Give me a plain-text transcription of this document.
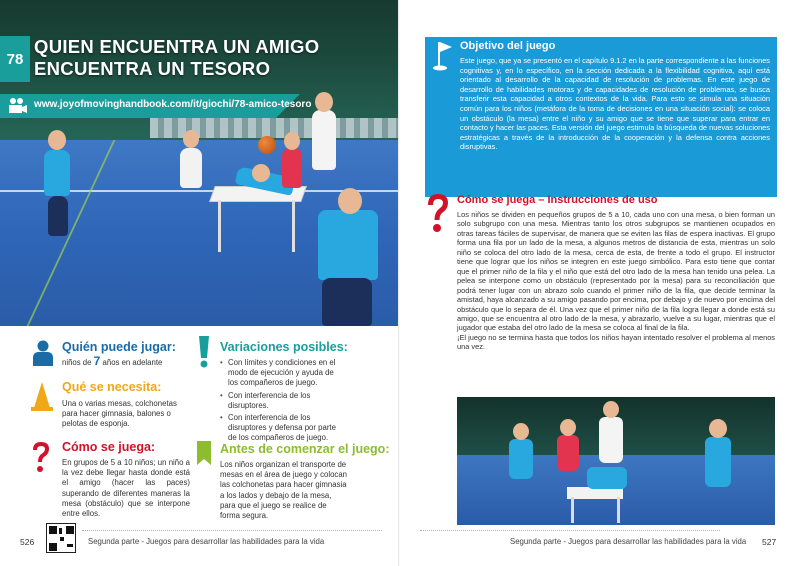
78
QUIEN ENCUENTRA UN AMIGO
ENCUENTRA UN TESORO
www.joyofmovinghandbook.com/it/giochi/78-amico-tesoro
Quién puede jugar:
niños de 7 años en adelante
Qué se necesita:
Una o varias mesas, colchonetas para hacer gimnasia, balones o pelotas de esponja.
Cómo se juega:
En grupos de 5 a 10 niños; un niño a la vez debe llegar hasta donde está el amigo (hacer las paces) superando de diferentes maneras la mesa (obstáculo) que se interpone entre ellos.
Variaciones posibles:
• Con límites y condiciones en el modo de ejecución y ayuda de los compañeros de juego.
• Con interferencia de los disruptores.
• Con interferencia de los disruptores y defensa por parte de los compañeros de juego.
Antes de comenzar el juego:
Los niños organizan el transporte de mesas en el área de juego y colocan las colchonetas para hacer gimnasia a los lados y debajo de la mesa, para que el juego se realice de forma segura.
526	Segunda parte - Juegos para desarrollar las habilidades para la vida
Objetivo del juego
Este juego, que ya se presentó en el capítulo 9.1.2 en la parte correspondiente a las funciones cognitivas y, en lo específico, en la sección dedicada a la flexibilidad cognitiva, aquí está orientado al desarrollo de la capacidad de resolución de problemas. En este juego de desarrollo de habilidades motoras y de capacidades de resolución de problemas, se busca transferir esta capacidad a otros contextos de la vida. Para esto se simula una situación común para los niños (metáfora de la toma de decisiones en una situación social): se coloca un obstáculo (la mesa) entre el niño y su amigo que se tiene que superar para entrar en contacto y hacer las paces. Esta versión del juego estimula la búsqueda de nuevas soluciones estratégicas a través de la introducción de la cooperación y la defensa contra acciones disruptivas.
Cómo se juega – Instrucciones de uso

Los niños se dividen en pequeños grupos de 5 a 10, cada uno con una mesa, o bien forman un solo subgrupo con una mesa. Mientras tanto los otros subgrupos se mantienen ocupados en otras tareas fáciles de supervisar, de manera que se eviten las filas de espera inactivas. El grupo forma una fila por un lado de la mesa, a algunos metros de distancia de esta, mientras un solo niño se coloca del otro lado de la mesa, cerca de esta, de frente a todo el grupo. El instructor tiene que lograr que los niños se integren en este juego simbólico. Para esto tiene que contar que el primer niño de la fila y el niño que está del otro lado de la mesa han tenido una pelea. La pelea se interpone como un obstáculo (representado por la mesa) para su reconciliación que podrá tener lugar con un abrazo solo cuando el primer niño de la fila, que decide terminar la amistad, haya alcanzado a su amigo pasando por encima, por debajo y de nuevo por encima del obstáculo que lo separa de él. Una vez que el primer niño de la fila logra llegar a donde está su amigo, que se encuentra al otro lado de la mesa, y abrazarlo, vuelve a su lugar, mientras que el jugador que estaba del otro lado de la mesa se coloca al final de la fila.

¡El juego no se termina hasta que todos los niños hayan intentado resolver el problema al menos una vez.

Segunda parte - Juegos para desarrollar las habilidades para la vida 527
